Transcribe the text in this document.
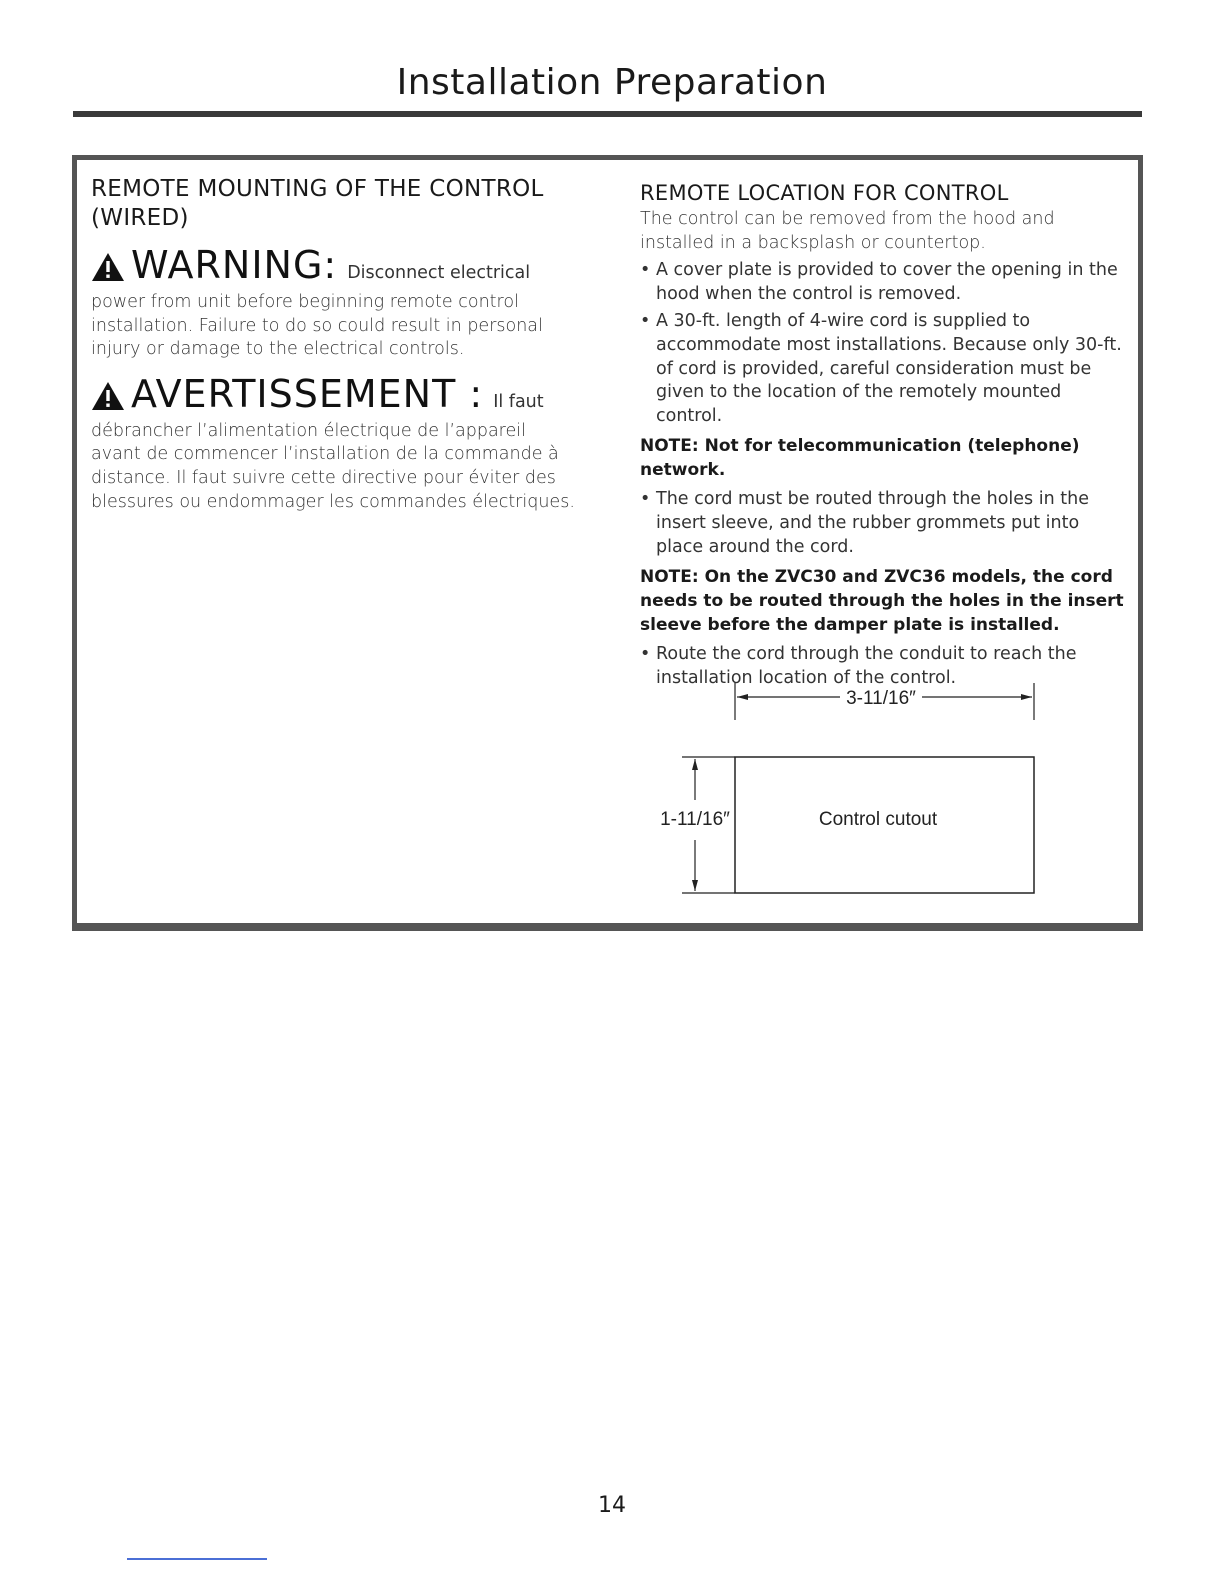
Installation Preparation
REMOTE MOUNTING OF THE CONTROL
(WIRED)
WARNING: Disconnect electrical

power from unit before beginning remote control installation. Failure to do so could result in personal injury or damage to the electrical controls.

AVERTISSEMENT : Il faut

débrancher l’alimentation électrique de l’appareil avant de commencer l’installation de la commande à distance. Il faut suivre cette directive pour éviter des blessures ou endommager les commandes électriques.

REMOTE LOCATION FOR CONTROL

The control can be removed from the hood and installed in a backsplash or countertop.

• A cover plate is provided to cover the opening in the hood when the control is removed.
• A 30-ft. length of 4-wire cord is supplied to accommodate most installations. Because only 30-ft. of cord is provided, careful consideration must be given to the location of the remotely mounted control.

NOTE: Not for telecommunication (telephone) network.

• The cord must be routed through the holes in the insert sleeve, and the rubber grommets put into place around the cord.

NOTE: On the ZVC30 and ZVC36 models, the cord needs to be routed through the holes in the insert sleeve before the damper plate is installed.

• Route the cord through the conduit to reach the installation location of the control.
3-11/16″
1-11/16″	Control cutout
14
